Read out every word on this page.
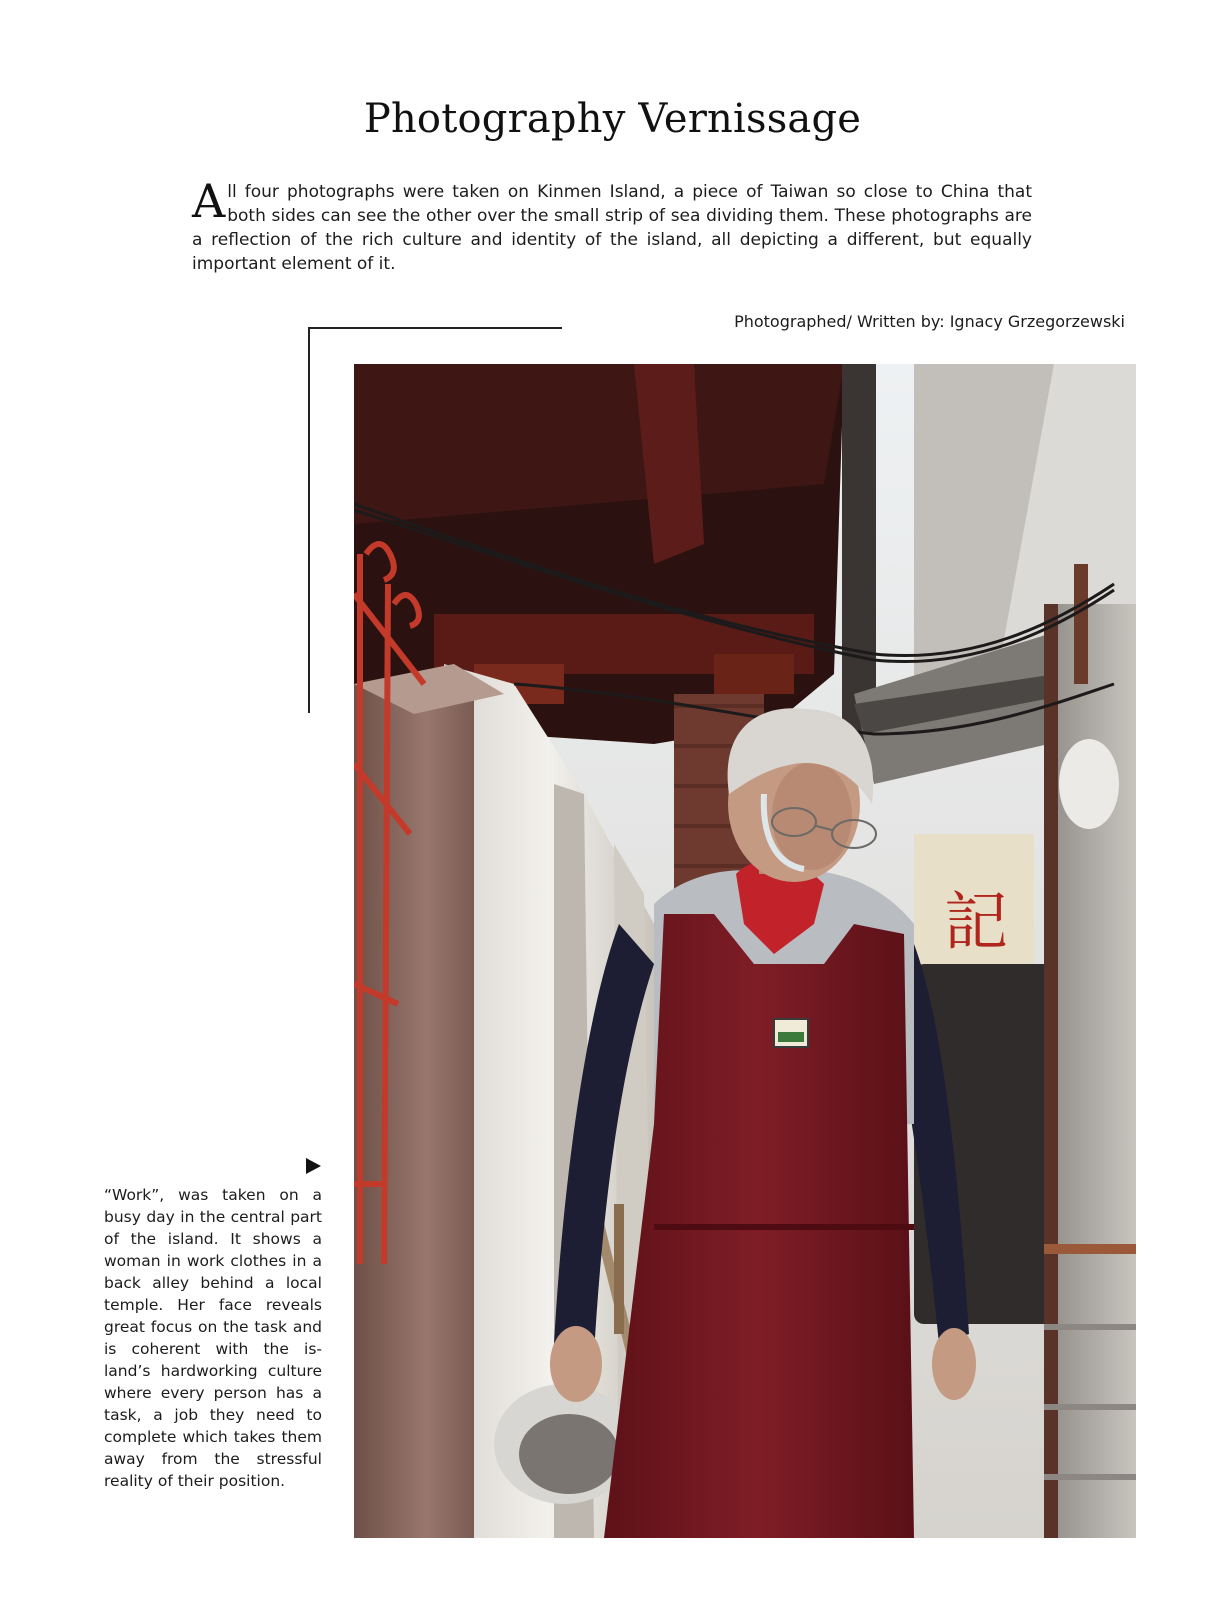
Photography Vernissage

All four photographs were taken on Kinmen Island, a piece of Taiwan so close to China that both sides can see the other over the small strip of sea dividing them. These photographs are a reflection of the rich culture and identity of the island, all depicting a different, but equally important element of it.

Photographed/ Written by: Ignacy Grzegorzewski

記

“Work”, was taken on a busy day in the central part of the island. It shows a woman in work clothes in a back alley behind a local temple. Her face reveals great focus on the task and is coherent with the island’s hardworking culture where every person has a task, a job they need to complete which takes them away from the stressful reality of their position.
